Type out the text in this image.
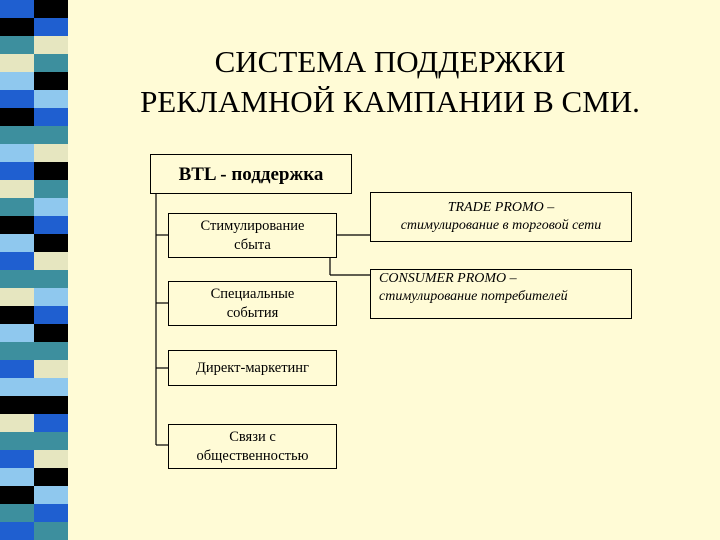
СИСТЕМА ПОДДЕРЖКИ
РЕКЛАМНОЙ КАМПАНИИ В СМИ.
BTL - поддержка
Стимулирование
сбыта
Специальные
события
Директ-маркетинг
Связи с
общественностью
TRADE PROMO –
стимулирование в торговой сети
CONSUMER PROMO –
стимулирование потребителей
